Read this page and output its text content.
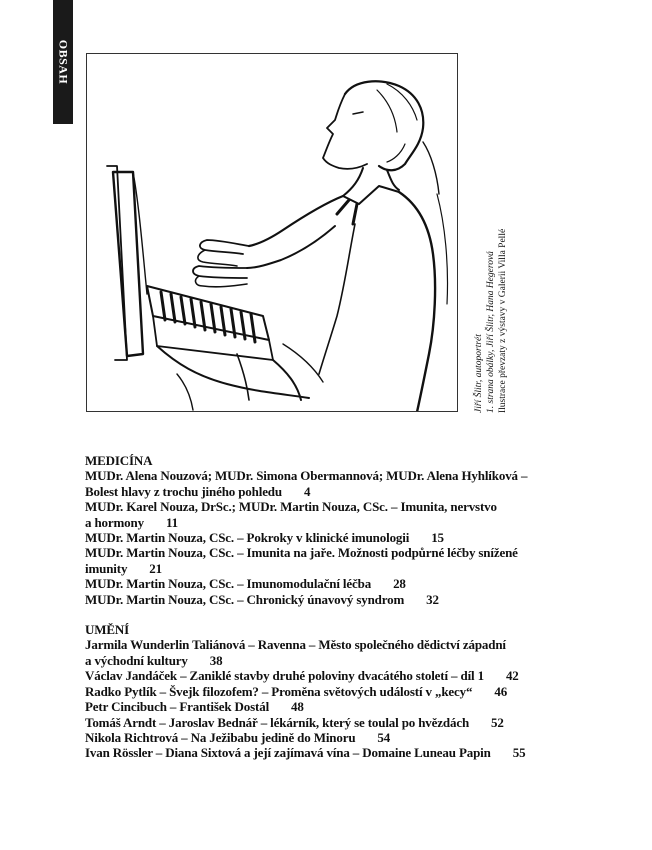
OBSAH
Jiří Šlitr, autoportrét 1. strana obálky, Jiří Šlitr, Hana Hegerová Ilustrace převzaty z výstavy v Galerii Villa Pellé
MEDICÍNA
MUDr. Alena Nouzová; MUDr. Simona Obermannová; MUDr. Alena Hyhlíková –
Bolest hlavy z trochu jiného pohledu 4
MUDr. Karel Nouza, DrSc.; MUDr. Martin Nouza, CSc. – Imunita, nervstvo
a hormony 11
MUDr. Martin Nouza, CSc. – Pokroky v klinické imunologii 15
MUDr. Martin Nouza, CSc. – Imunita na jaře. Možnosti podpůrné léčby snížené
imunity 21
MUDr. Martin Nouza, CSc. – Imunomodulační léčba 28
MUDr. Martin Nouza, CSc. – Chronický únavový syndrom 32
UMĚNÍ
Jarmila Wunderlin Taliánová – Ravenna – Město společného dědictví západní
a východní kultury 38
Václav Jandáček – Zaniklé stavby druhé poloviny dvacátého století – díl 1 42
Radko Pytlík – Švejk filozofem? – Proměna světových událostí v „kecy“ 46
Petr Cincibuch – František Dostál 48
Tomáš Arndt – Jaroslav Bednář – lékárník, který se toulal po hvězdách 52
Nikola Richtrová – Na Ježibabu jedině do Minoru 54
Ivan Rössler – Diana Sixtová a její zajímavá vína – Domaine Luneau Papin 55
